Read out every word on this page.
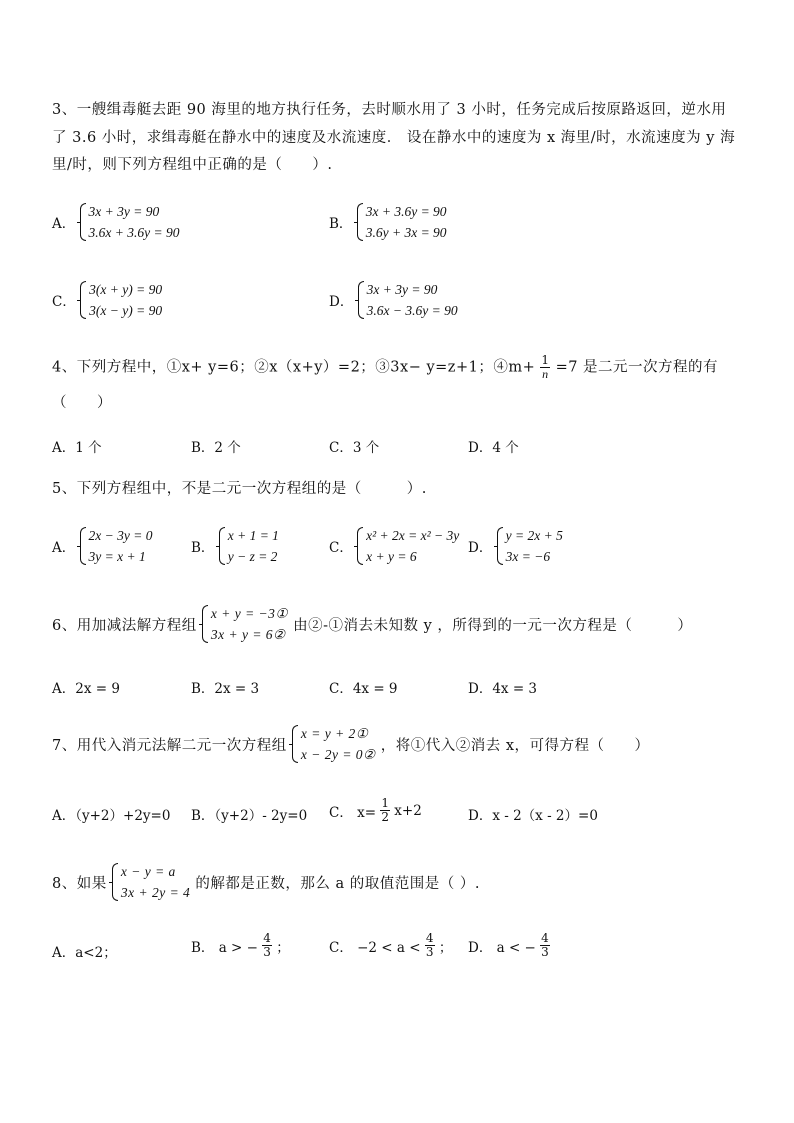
3、一艘缉毒艇去距 90 海里的地方执行任务，去时顺水用了 3 小时，任务完成后按原路返回，逆水用
了 3.6 小时，求缉毒艇在静水中的速度及水流速度． 设在静水中的速度为 x 海里/时，水流速度为 y 海
里/时，则下列方程组中正确的是（　　）.
A．
3x + 3y = 90
3.6x + 3.6y = 90
B．
3x + 3.6y = 90
3.6y + 3x = 90
C．
3(x + y) = 90
3(x − y) = 90
D．
3x + 3y = 90
3.6x − 3.6y = 90
4、下列方程中，①x+ y=6；②x（x+y）=2；③3x− y=z+1；④m+ $\frac{1}{n} =7$ 是二元一次方程的有
（　　）
A．1 个	B．2 个	C．3 个	D．4 个
5、下列方程组中，不是二元一次方程组的是（　　　）.
A．
2x − 3y = 0
3y = x + 1
B．
x + 1 = 1
y − z = 2
C．
x² + 2x = x² − 3y
x + y = 6
D．
y = 2x + 5
3x = −6
6、用加减法解方程组
x + y = −3①
3x + y = 6②
由②-①消去未知数 y ，所得到的一元一次方程是（　　　）
A．2x = 9	B．2x = 3	C．4x = 9	D．4x = 3
7、用代入消元法解二元一次方程组
x = y + 2①
x − 2y = 0②
，将①代入②消去 x，可得方程（　　）
A．（y+2）+2y=0 B．（y+2）- 2y=0 C． $x= \frac{1}{2} x+2$	D．x - 2（x - 2）=0
8、如果
x − y = a
3x + 2y = 4
的解都是正数，那么 a 的取值范围是（ ）.
A．a<2；	B． a > − $\frac{4}{3}$ ；	C． $-2 < a < \frac{4}{3}$ ； D． a < − $\frac{4}{3}$
